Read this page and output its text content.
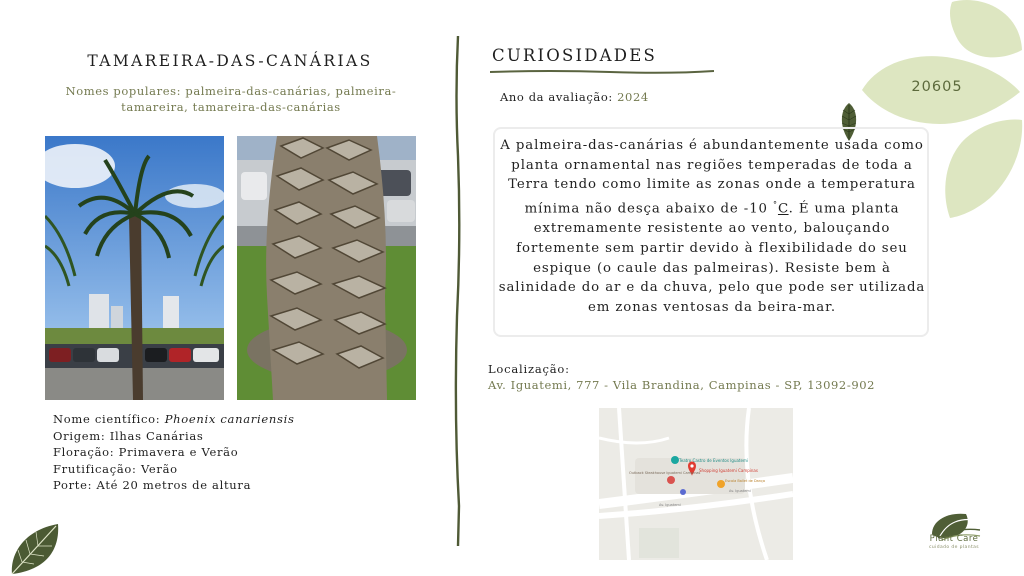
TAMAREIRA-DAS-CANÁRIAS
Nomes populares: palmeira-das-canárias, palmeira-tamareira, tamareira-das-canárias
Nome científico: Phoenix canariensis
Origem: Ilhas Canárias
Floração: Primavera e Verão
Frutificação: Verão
Porte: Até 20 metros de altura
CURIOSIDADES
Ano da avaliação: 2024
20605
A palmeira-das-canárias é abundantemente usada como planta ornamental nas regiões temperadas de toda a Terra tendo como limite as zonas onde a temperatura mínima não desça abaixo de -10 °C. É uma planta extremamente resistente ao vento, balouçando fortemente sem partir devido à flexibilidade do seu espique (o caule das palmeiras). Resiste bem à salinidade do ar e da chuva, pelo que pode ser utilizada em zonas ventosas da beira-mar.
Localização:
Av. Iguatemi, 777 - Vila Brandina, Campinas - SP, 13092-902
Teatro Castro de Eventos Iguatemi
Shopping Iguatemi Campinas
Outback Steakhouse Iguatemi Campinas
Escola Ballet de Dança
Av. Iguatemi
Av. Iguatemi
Plant Care
cuidado de plantas
